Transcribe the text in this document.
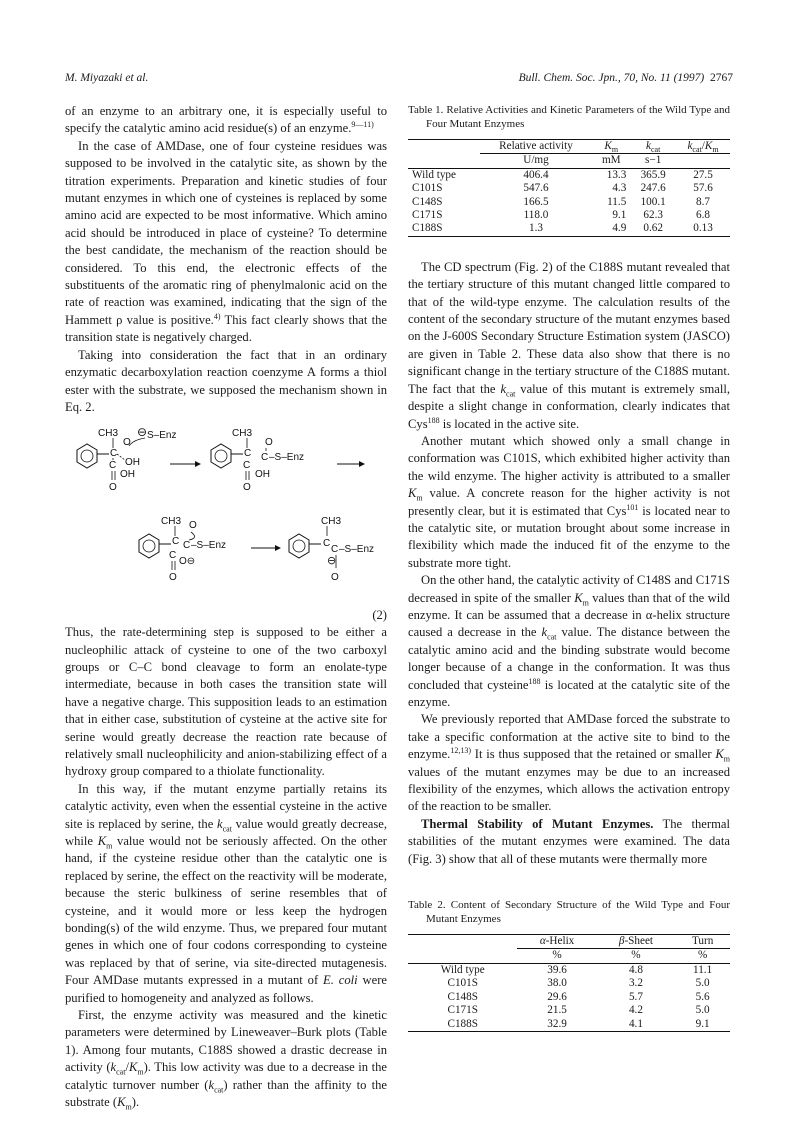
M. Miyazaki et al.	Bull. Chem. Soc. Jpn., 70, No. 11 (1997) 2767

of an enzyme to an arbitrary one, it is especially useful to specify the catalytic amino acid residue(s) of an enzyme.$^{9—11)}$

In the case of AMDase, one of four cysteine residues was supposed to be involved in the catalytic site, as shown by the titration experiments. Preparation and kinetic studies of four mutant enzymes in which one of cysteines is replaced by some amino acid are expected to be most informative. Which amino acid should be introduced in place of cysteine? To determine the best candidate, the mechanism of the reaction should be considered. To this end, the electronic effects of the substituents of the aromatic ring of phenylmalonic acid on the rate of reaction was examined, indicating that the sign of the Hammett ρ value is positive.$^{4)}$ This fact clearly shows that the transition state is negatively charged.

Taking into consideration the fact that in an ordinary enzymatic decarboxylation reaction coenzyme A forms a thiol ester with the substrate, we supposed the mechanism shown in Eq. 2.

CH3
C
O
⊖ S–Enz
OH
C
OH
O
CH3
C
O
C –S–Enz
C
OH
O
CH3
C
O
C –S–Enz
C
O⊖
O
CH3
C
C –S–Enz
⊖
O
(2)

Thus, the rate-determining step is supposed to be either a nucleophilic attack of cysteine to one of the two carboxyl groups or C–C bond cleavage to form an enolate-type intermediate, because in both cases the transition state will have a negative charge. This supposition leads to an estimation that in either case, substitution of cysteine at the active site for serine would greatly decrease the reaction rate because of relatively small nucleophilicity and anion-stabilizing effect of a hydroxy group compared to a thiolate functionality.

In this way, if the mutant enzyme partially retains its catalytic activity, even when the essential cysteine in the active site is replaced by serine, the $k_{cat}$ value would greatly decrease, while $K_m$ value would not be seriously affected. On the other hand, if the cysteine residue other than the catalytic one is replaced by serine, the effect on the reactivity will be moderate, because the steric bulkiness of serine resembles that of cysteine, and it would more or less keep the hydrogen bonding(s) of the wild enzyme. Thus, we prepared four mutant genes in which one of four codons corresponding to cysteine was replaced by that of serine, via site-directed mutagenesis. Four AMDase mutants expressed in a mutant of E. coli were purified to homogeneity and analyzed as follows.

First, the enzyme activity was measured and the kinetic parameters were determined by Lineweaver–Burk plots (Table 1). Among four mutants, C188S showed a drastic decrease in activity $(k_{cat}/K_m)$. This low activity was due to a decrease in the catalytic turnover number $(k_{cat})$ rather than the affinity to the substrate $(K_m)$.

Table 1. Relative Activities and Kinetic Parameters of the Wild Type and Four Mutant Enzymes
	Relative activity	$K_m$	$k_{cat}$	$k_{cat}/K_m$
	U/mg	mM	s−1	
Wild type	406.4	13.3	365.9	27.5
C101S	547.6	4.3	247.6	57.6
C148S	166.5	11.5	100.1	8.7
C171S	118.0	9.1	62.3	6.8
C188S	1.3	4.9	0.62	0.13

The CD spectrum (Fig. 2) of the C188S mutant revealed that the tertiary structure of this mutant changed little compared to that of the wild-type enzyme. The calculation results of the content of the secondary structure of the mutant enzymes based on the J-600S Secondary Structure Estimation system (JASCO) are given in Table 2. These data also show that there is no significant change in the tertiary structure of the C188S mutant. The fact that the $k_{cat}$ value of this mutant is extremely small, despite a slight change in conformation, clearly indicates that Cys$^{188}$ is located in the active site.

Another mutant which showed only a small change in conformation was C101S, which exhibited higher activity than the wild enzyme. The higher activity is attributed to a smaller $K_m$ value. A concrete reason for the higher activity is not presently clear, but it is estimated that Cys$^{101}$ is located near to the catalytic site, or mutation brought about some increase in flexibility which made the induced fit of the enzyme to the substrate more tight.

On the other hand, the catalytic activity of C148S and C171S decreased in spite of the smaller $K_m$ values than that of the wild enzyme. It can be assumed that a decrease in α-helix structure caused a decrease in the $k_{cat}$ value. The distance between the catalytic amino acid and the binding substrate would become longer because of a change in the conformation. It was thus concluded that cysteine$^{188}$ is located at the catalytic site of the enzyme.

We previously reported that AMDase forced the substrate to take a specific conformation at the active site to bind to the enzyme.$^{12,13)}$ It is thus supposed that the retained or smaller $K_m$ values of the mutant enzymes may be due to an increased flexibility of the enzymes, which allows the activation entropy of the reaction to be smaller.

Thermal Stability of Mutant Enzymes. The thermal stabilities of the mutant enzymes were examined. The data (Fig. 3) show that all of these mutants were thermally more

Table 2. Content of Secondary Structure of the Wild Type and Four Mutant Enzymes
	α-Helix	β-Sheet	Turn
	%	%	%
Wild type	39.6	4.8	11.1
C101S	38.0	3.2	5.0
C148S	29.6	5.7	5.6
C171S	21.5	4.2	5.0
C188S	32.9	4.1	9.1
